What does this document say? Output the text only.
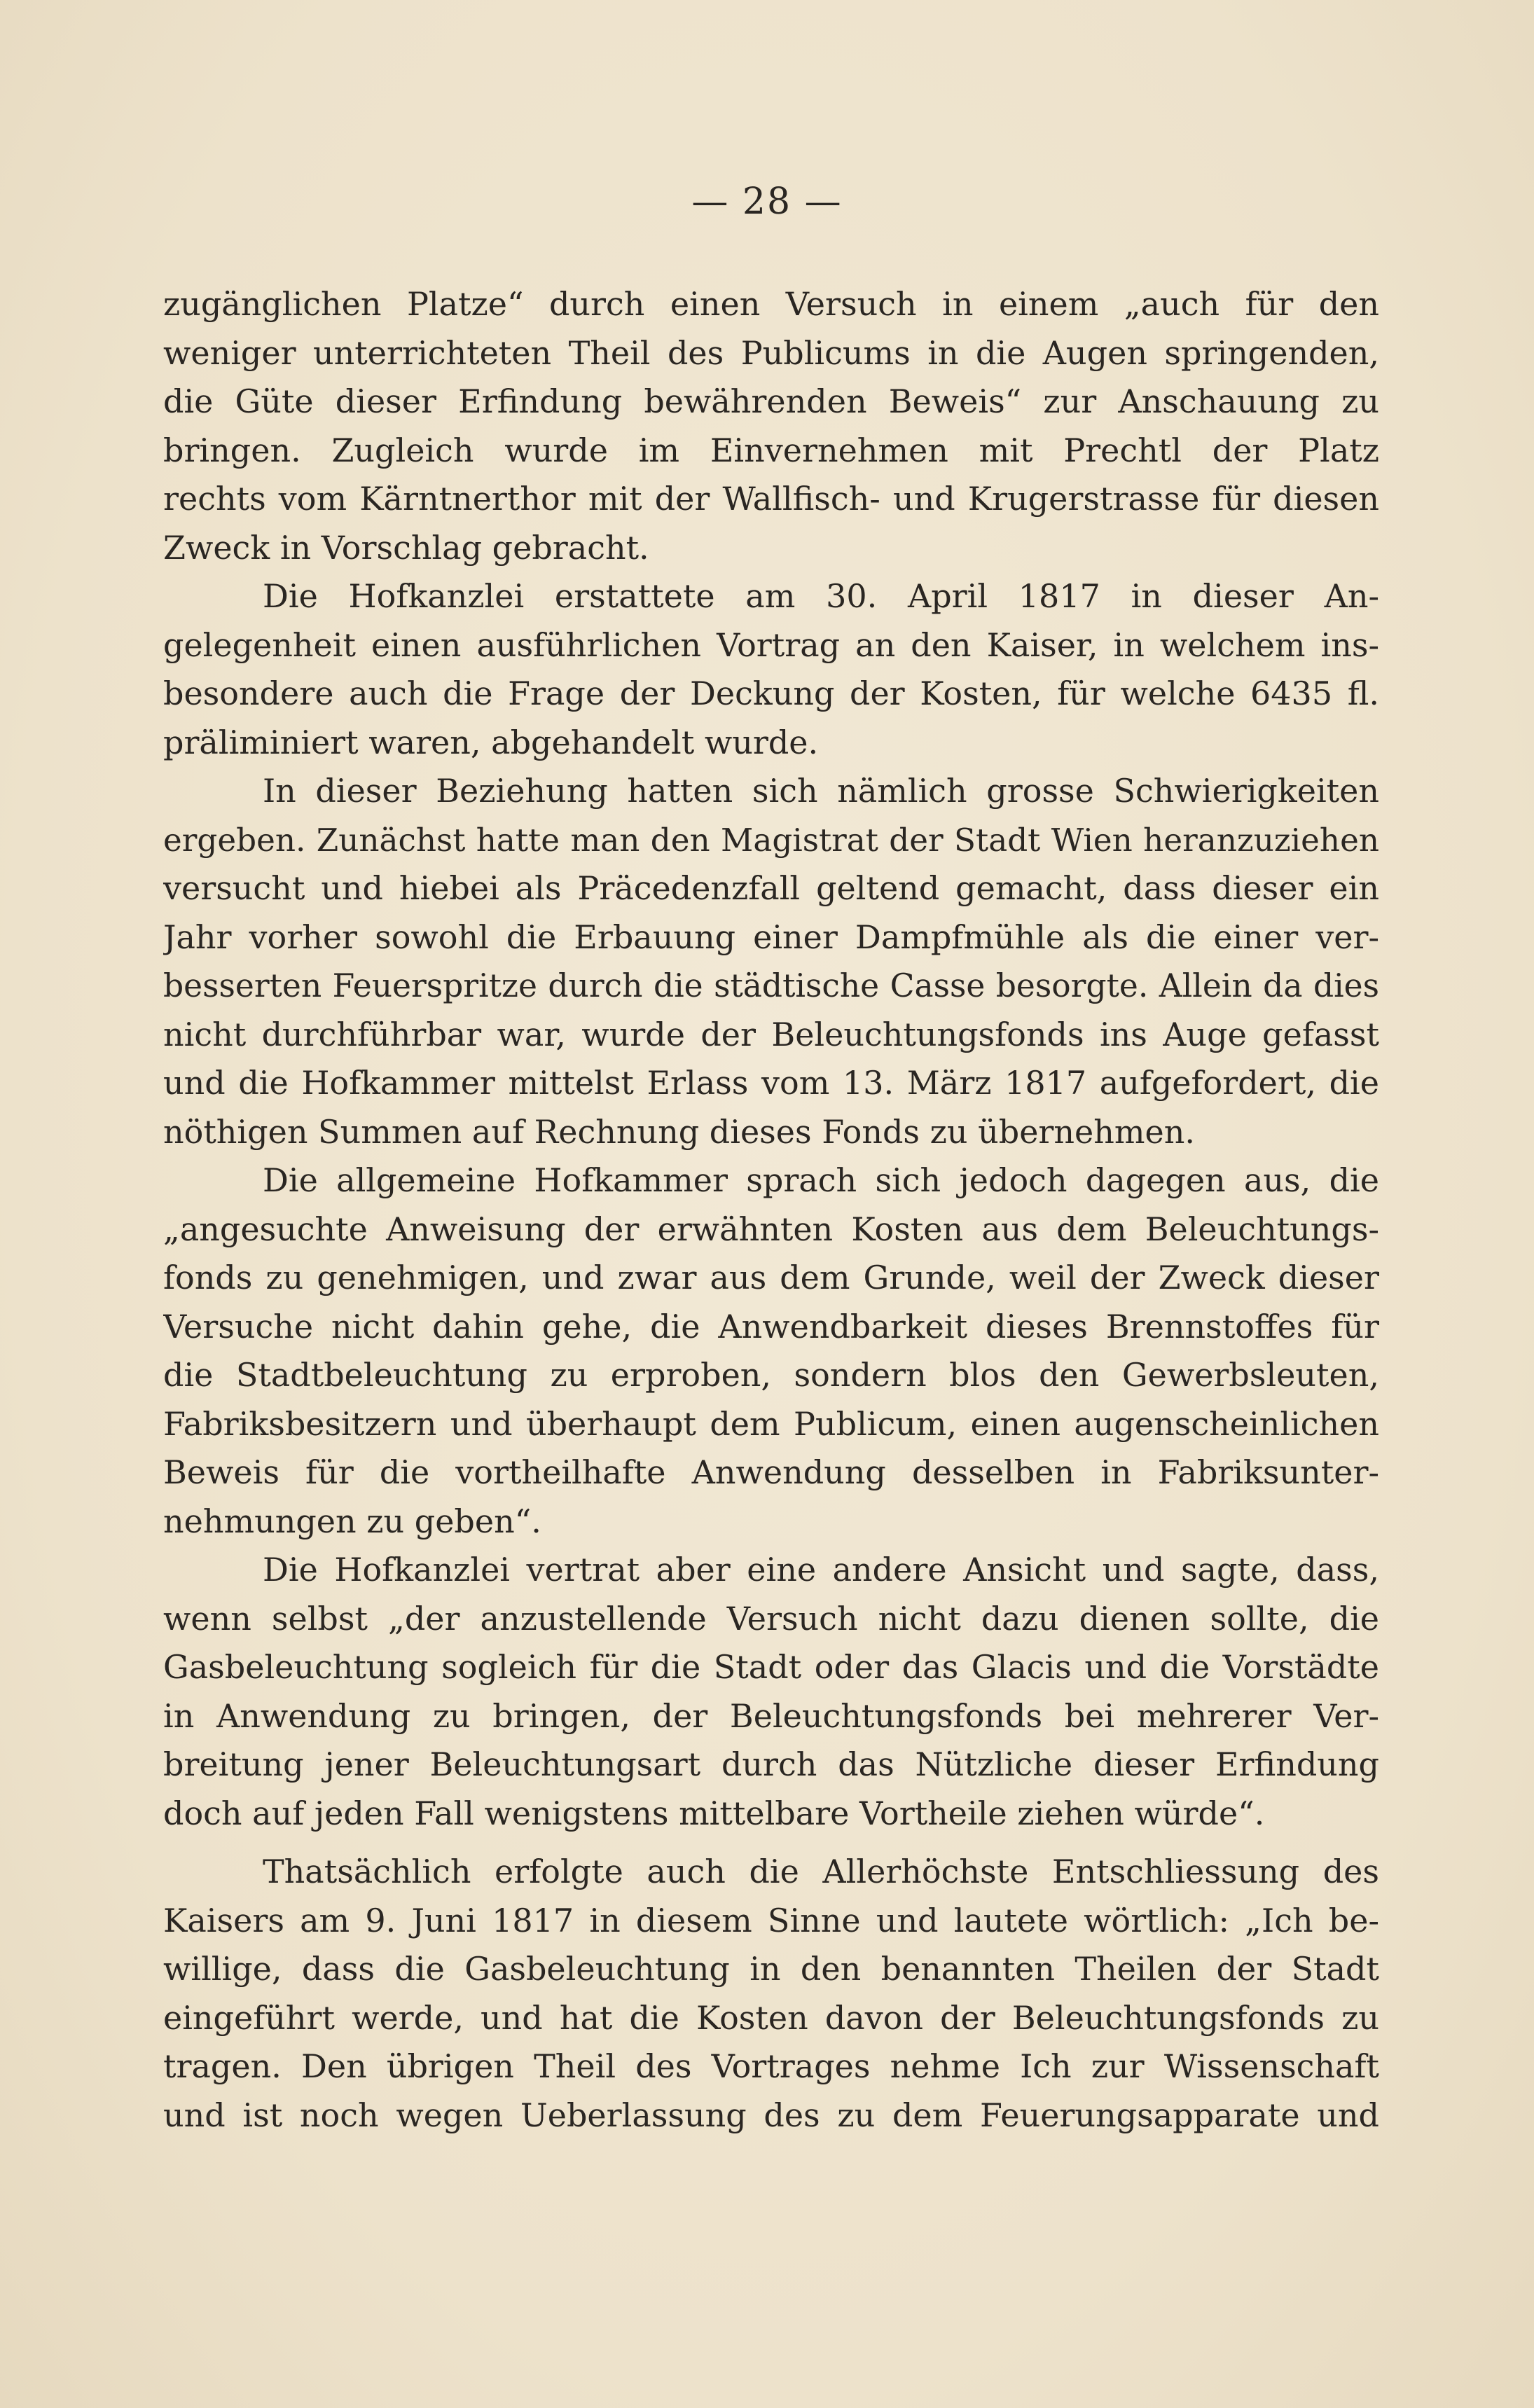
— 28 —
zugänglichen Platze“ durch einen Versuch in einem „auch für den
weniger unterrichteten Theil des Publicums in die Augen springenden,
die Güte dieser Erfindung bewährenden Beweis“ zur Anschauung zu
bringen. Zugleich wurde im Einvernehmen mit Prechtl der Platz
rechts vom Kärntnerthor mit der Wallfisch- und Krugerstrasse für diesen
Zweck in Vorschlag gebracht.
Die Hofkanzlei erstattete am 30. April 1817 in dieser An-
gelegenheit einen ausführlichen Vortrag an den Kaiser, in welchem ins-
besondere auch die Frage der Deckung der Kosten, für welche 6435 fl.
präliminiert waren, abgehandelt wurde.
In dieser Beziehung hatten sich nämlich grosse Schwierigkeiten
ergeben. Zunächst hatte man den Magistrat der Stadt Wien heranzuziehen
versucht und hiebei als Präcedenzfall geltend gemacht, dass dieser ein
Jahr vorher sowohl die Erbauung einer Dampfmühle als die einer ver-
besserten Feuerspritze durch die städtische Casse besorgte. Allein da dies
nicht durchführbar war, wurde der Beleuchtungsfonds ins Auge gefasst
und die Hofkammer mittelst Erlass vom 13. März 1817 aufgefordert, die
nöthigen Summen auf Rechnung dieses Fonds zu übernehmen.
Die allgemeine Hofkammer sprach sich jedoch dagegen aus, die
„angesuchte Anweisung der erwähnten Kosten aus dem Beleuchtungs-
fonds zu genehmigen, und zwar aus dem Grunde, weil der Zweck dieser
Versuche nicht dahin gehe, die Anwendbarkeit dieses Brennstoffes für
die Stadtbeleuchtung zu erproben, sondern blos den Gewerbsleuten,
Fabriksbesitzern und überhaupt dem Publicum, einen augenscheinlichen
Beweis für die vortheilhafte Anwendung desselben in Fabriksunter-
nehmungen zu geben“.
Die Hofkanzlei vertrat aber eine andere Ansicht und sagte, dass,
wenn selbst „der anzustellende Versuch nicht dazu dienen sollte, die
Gasbeleuchtung sogleich für die Stadt oder das Glacis und die Vorstädte
in Anwendung zu bringen, der Beleuchtungsfonds bei mehrerer Ver-
breitung jener Beleuchtungsart durch das Nützliche dieser Erfindung
doch auf jeden Fall wenigstens mittelbare Vortheile ziehen würde“.
Thatsächlich erfolgte auch die Allerhöchste Entschliessung des
Kaisers am 9. Juni 1817 in diesem Sinne und lautete wörtlich: „Ich be-
willige, dass die Gasbeleuchtung in den benannten Theilen der Stadt
eingeführt werde, und hat die Kosten davon der Beleuchtungsfonds zu
tragen. Den übrigen Theil des Vortrages nehme Ich zur Wissenschaft
und ist noch wegen Ueberlassung des zu dem Feuerungsapparate und
